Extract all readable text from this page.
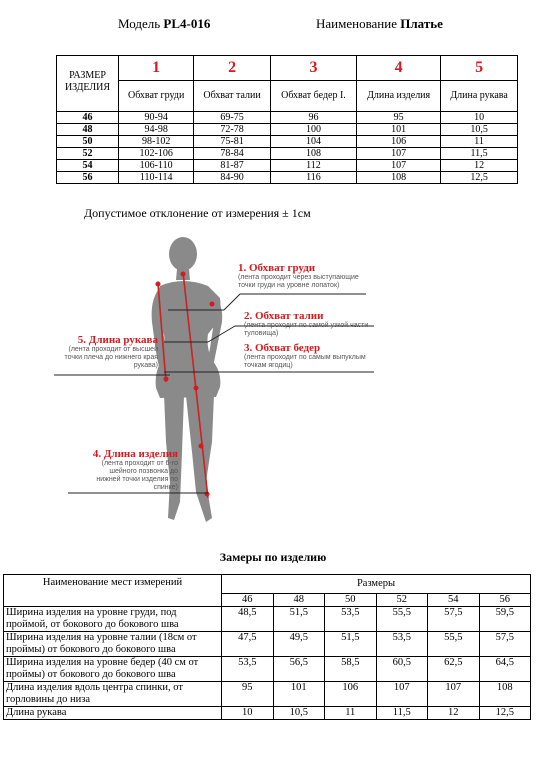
Модель PL4-016	Наименование Платье
РАЗМЕР ИЗДЕЛИЯ	1	2	3	4	5
	Обхват груди	Обхват талии	Обхват бедер I.	Длина изделия	Длина рукава
46	90-94	69-75	96	95	10
48	94-98	72-78	100	101	10,5
50	98-102	75-81	104	106	11
52	102-106	78-84	108	107	11,5
54	106-110	81-87	112	107	12
56	110-114	84-90	116	108	12,5
Допустимое отклонение от измерения ± 1см
1. Обхват груди
(лента проходит через выступающие точки груди на уровне лопаток)
2. Обхват талии
(лента проходит по самой узкой части туловища)
3. Обхват бедер
(лента проходит по самым выпуклым точкам ягодиц)
5. Длина рукава
(лента проходит от высшей точки плеча до нижнего края рукава)
4. Длина изделия
(лента проходит от 6-го шейного позвонка до нижней точки изделия по спинке)
Замеры по изделию
Наименование мест измерений	Размеры					
	46	48	50	52	54	56
Ширина изделия на уровне груди, под проймой, от бокового до бокового шва	48,5	51,5	53,5	55,5	57,5	59,5
Ширина изделия на уровне талии (18см от проймы) от бокового до бокового шва	47,5	49,5	51,5	53,5	55,5	57,5
Ширина изделия на уровне бедер (40 см от проймы) от бокового до бокового шва	53,5	56,5	58,5	60,5	62,5	64,5
Длина изделия вдоль центра спинки, от горловины до низа	95	101	106	107	107	108
Длина рукава	10	10,5	11	11,5	12	12,5
